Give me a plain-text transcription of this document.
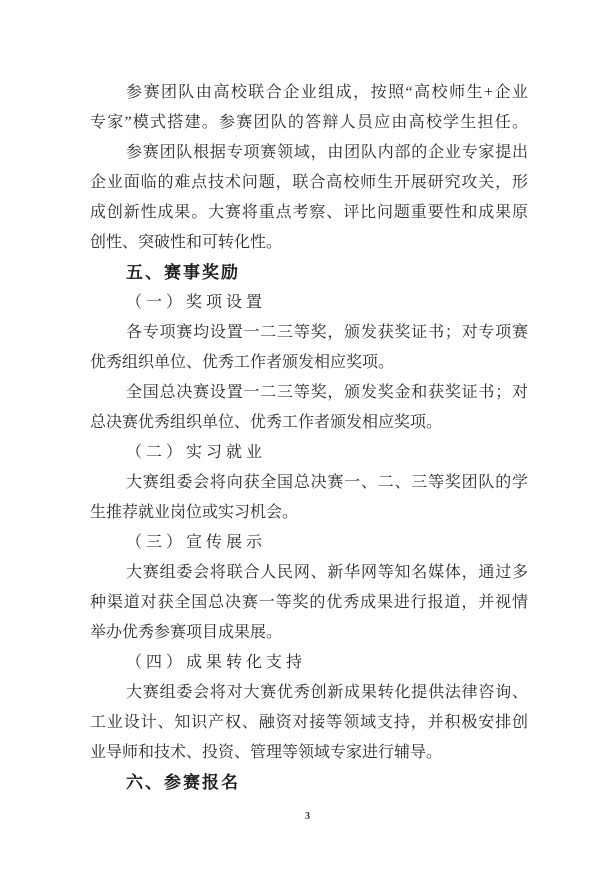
参赛团队由高校联合企业组成，按照“高校师生+企业
专家”模式搭建。参赛团队的答辩人员应由高校学生担任。
参赛团队根据专项赛领域，由团队内部的企业专家提出
企业面临的难点技术问题，联合高校师生开展研究攻关，形
成创新性成果。大赛将重点考察、评比问题重要性和成果原
创性、突破性和可转化性。
五、赛事奖励
（一）奖项设置
各专项赛均设置一二三等奖，颁发获奖证书；对专项赛
优秀组织单位、优秀工作者颁发相应奖项。
全国总决赛设置一二三等奖，颁发奖金和获奖证书；对
总决赛优秀组织单位、优秀工作者颁发相应奖项。
（二）实习就业
大赛组委会将向获全国总决赛一、二、三等奖团队的学
生推荐就业岗位或实习机会。
（三）宣传展示
大赛组委会将联合人民网、新华网等知名媒体，通过多
种渠道对获全国总决赛一等奖的优秀成果进行报道，并视情
举办优秀参赛项目成果展。
（四）成果转化支持
大赛组委会将对大赛优秀创新成果转化提供法律咨询、
工业设计、知识产权、融资对接等领域支持，并积极安排创
业导师和技术、投资、管理等领域专家进行辅导。
六、参赛报名
3
